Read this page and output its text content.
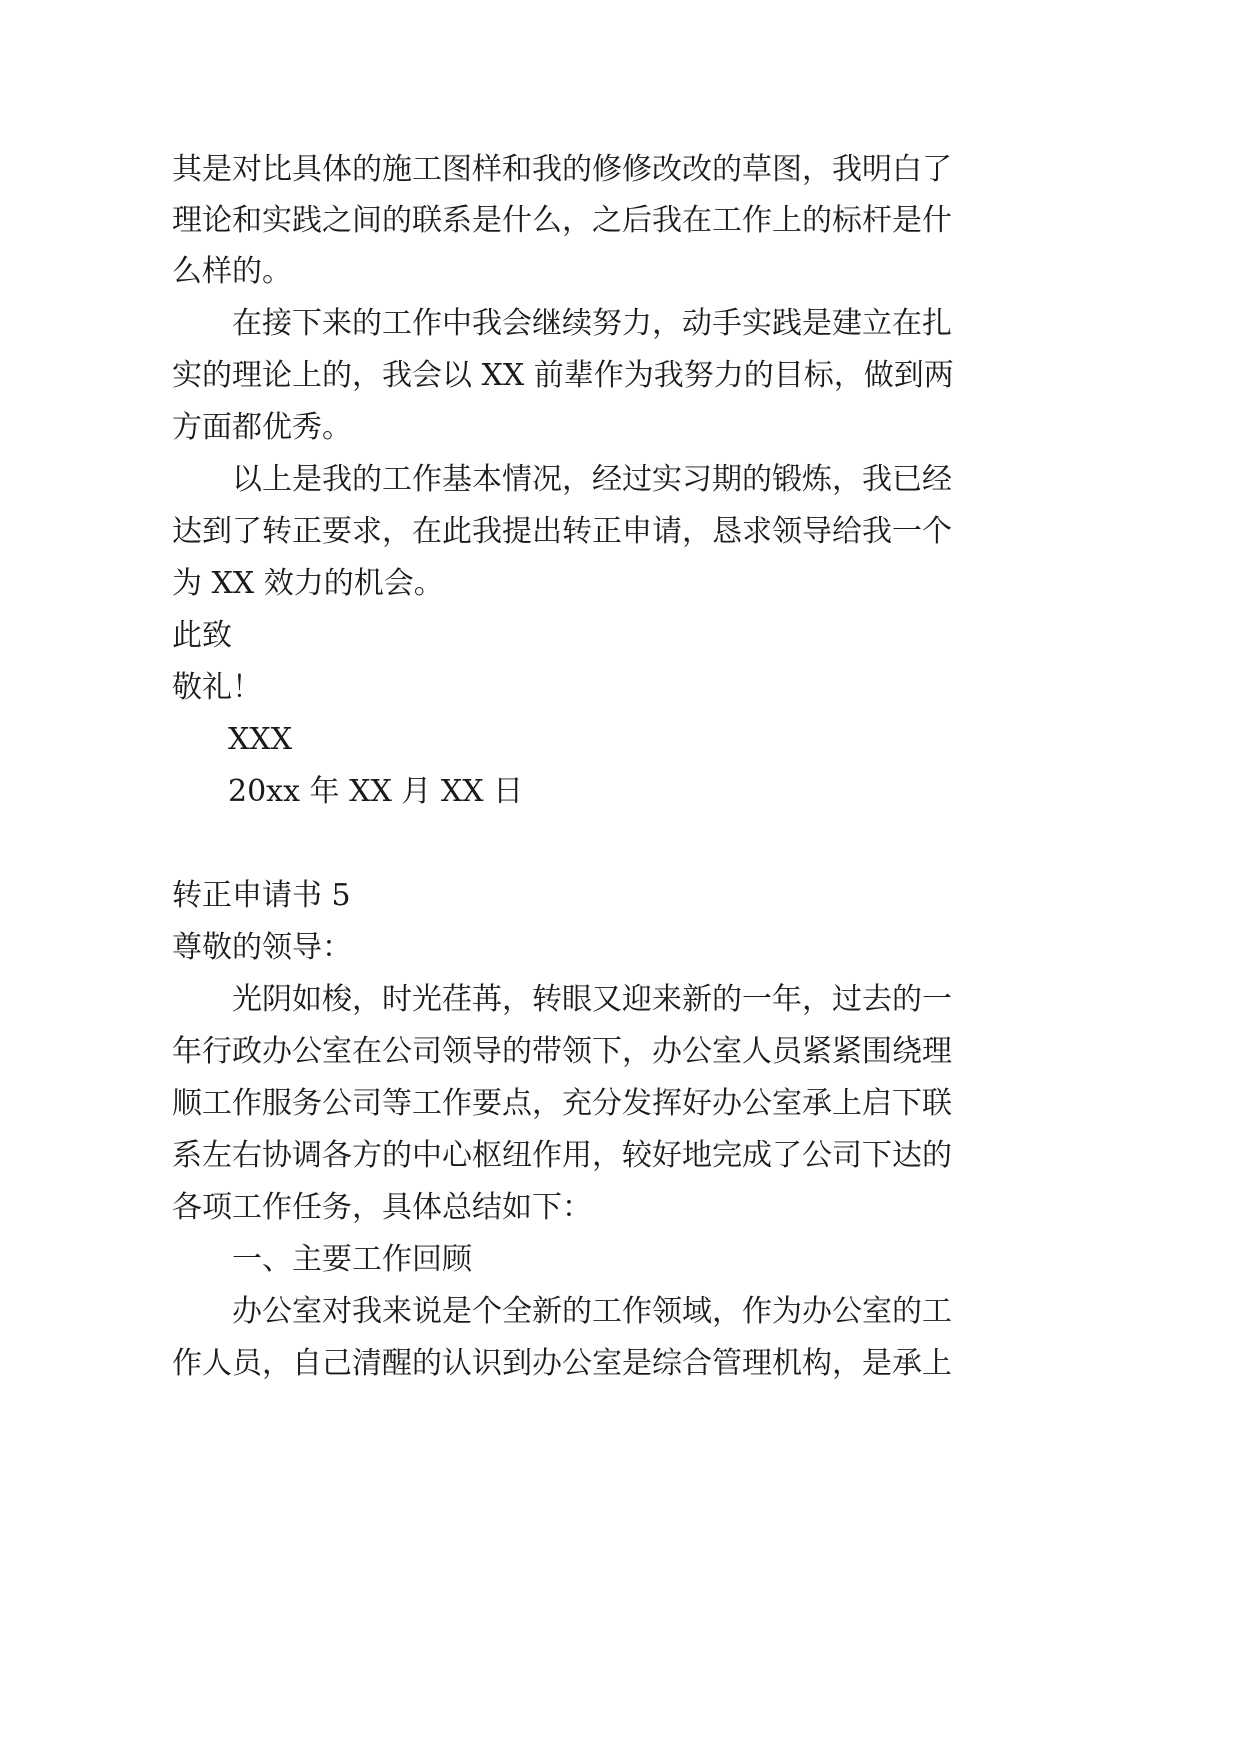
其是对比具体的施工图样和我的修修改改的草图，我明白了
理论和实践之间的联系是什么，之后我在工作上的标杆是什
么样的。
在接下来的工作中我会继续努力，动手实践是建立在扎
实的理论上的，我会以 XX 前辈作为我努力的目标，做到两
方面都优秀。
以上是我的工作基本情况，经过实习期的锻炼，我已经
达到了转正要求，在此我提出转正申请，恳求领导给我一个
为 XX 效力的机会。
此致
敬礼！
XXX
20xx 年 XX 月 XX 日
转正申请书 5
尊敬的领导：
光阴如梭，时光荏苒，转眼又迎来新的一年，过去的一
年行政办公室在公司领导的带领下，办公室人员紧紧围绕理
顺工作服务公司等工作要点，充分发挥好办公室承上启下联
系左右协调各方的中心枢纽作用，较好地完成了公司下达的
各项工作任务，具体总结如下：
一、主要工作回顾
办公室对我来说是个全新的工作领域，作为办公室的工
作人员，自己清醒的认识到办公室是综合管理机构，是承上
